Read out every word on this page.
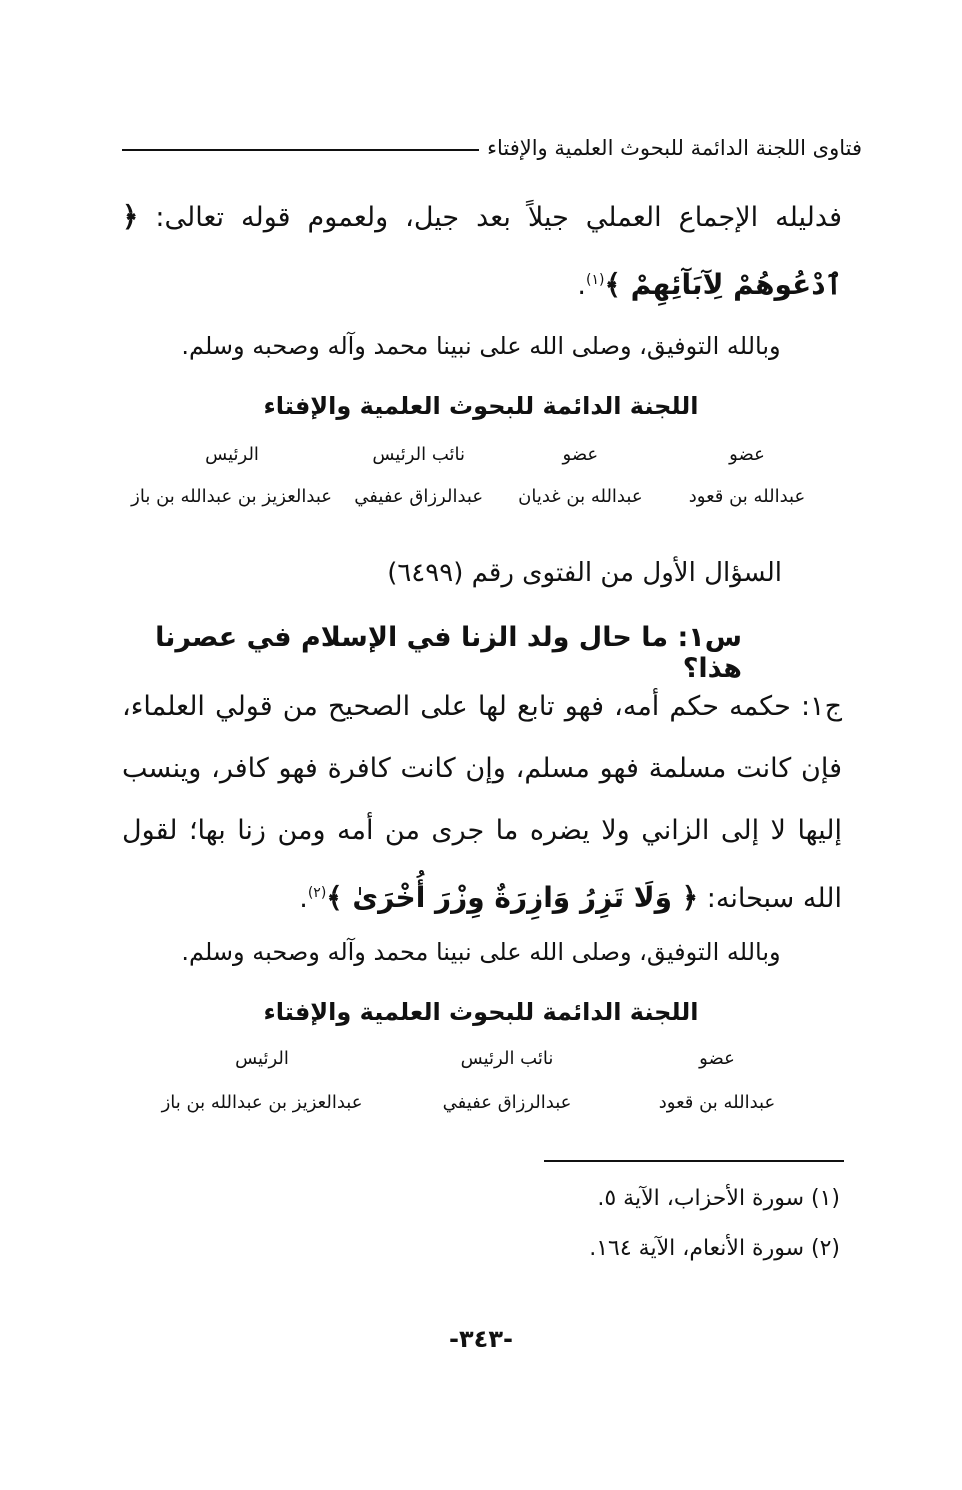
فتاوى اللجنة الدائمة للبحوث العلمية والإفتاء
فدليله الإجماع العملي جيلاً بعد جيل، ولعموم قوله تعالى: ﴿ ٱدْعُوهُمْ لِآبَآئِهِمْ ﴾$^{(١)}$.
وبالله التوفيق، وصلى الله على نبينا محمد وآله وصحبه وسلم.
اللجنة الدائمة للبحوث العلمية والإفتاء
عضو
عضو
نائب الرئيس
الرئيس
عبدالله بن قعود
عبدالله بن غديان
عبدالرزاق عفيفي
عبدالعزيز بن عبدالله بن باز
السؤال الأول من الفتوى رقم (٦٤٩٩)
س١: ما حال ولد الزنا في الإسلام في عصرنا هذا؟
ج١: حكمه حكم أمه، فهو تابع لها على الصحيح من قولي العلماء، فإن كانت مسلمة فهو مسلم، وإن كانت كافرة فهو كافر، وينسب إليها لا إلى الزاني ولا يضره ما جرى من أمه ومن زنا بها؛ لقول الله سبحانه: ﴿ وَلَا تَزِرُ وَازِرَةٌ وِزْرَ أُخْرَىٰ ﴾$^{(٢)}$.
وبالله التوفيق، وصلى الله على نبينا محمد وآله وصحبه وسلم.
اللجنة الدائمة للبحوث العلمية والإفتاء
عضو
نائب الرئيس
الرئيس
عبدالله بن قعود
عبدالرزاق عفيفي
عبدالعزيز بن عبدالله بن باز
(١) سورة الأحزاب، الآية ٥.
(٢) سورة الأنعام، الآية ١٦٤.
-٣٤٣-
